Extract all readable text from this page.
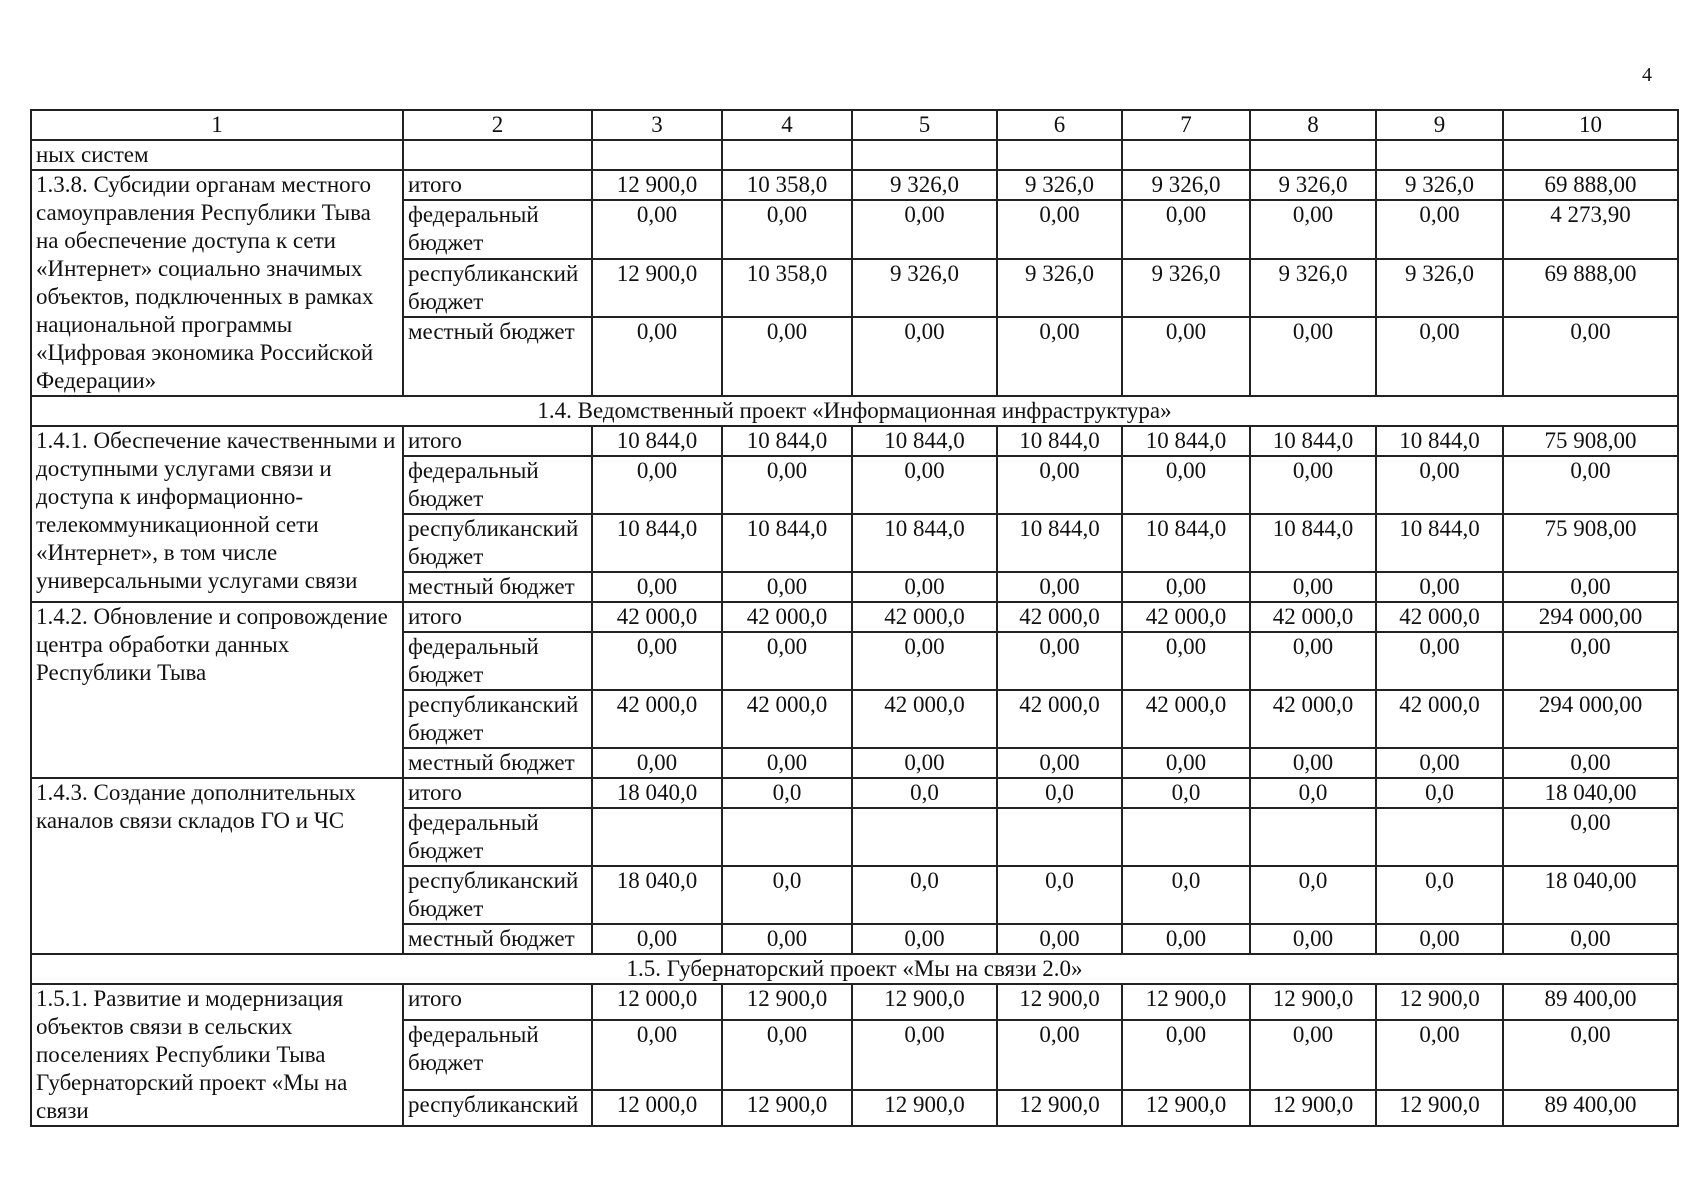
4
1	2	3	4	5	6	7	8	9	10
ных систем									
1.3.8. Субсидии органам местного самоуправления Республики Тыва на обеспечение доступа к сети «Интернет» социально значимых объектов, подключенных в рамках национальной программы «Цифровая экономика Российской Федерации»	итого	12 900,0	10 358,0	9 326,0	9 326,0	9 326,0	9 326,0	9 326,0	69 888,00
	федеральный бюджет	0,00	0,00	0,00	0,00	0,00	0,00	0,00	4 273,90
	республиканский бюджет	12 900,0	10 358,0	9 326,0	9 326,0	9 326,0	9 326,0	9 326,0	69 888,00
	местный бюджет	0,00	0,00	0,00	0,00	0,00	0,00	0,00	0,00
1.4. Ведомственный проект «Информационная инфраструктура»									
1.4.1. Обеспечение качественными и доступными услугами связи и доступа к информационно-телекоммуникационной сети «Интернет», в том числе универсальными услугами связи	итого	10 844,0	10 844,0	10 844,0	10 844,0	10 844,0	10 844,0	10 844,0	75 908,00
	федеральный бюджет	0,00	0,00	0,00	0,00	0,00	0,00	0,00	0,00
	республиканский бюджет	10 844,0	10 844,0	10 844,0	10 844,0	10 844,0	10 844,0	10 844,0	75 908,00
	местный бюджет	0,00	0,00	0,00	0,00	0,00	0,00	0,00	0,00
1.4.2. Обновление и сопровождение центра обработки данных Республики Тыва	итого	42 000,0	42 000,0	42 000,0	42 000,0	42 000,0	42 000,0	42 000,0	294 000,00
	федеральный бюджет	0,00	0,00	0,00	0,00	0,00	0,00	0,00	0,00
	республиканский бюджет	42 000,0	42 000,0	42 000,0	42 000,0	42 000,0	42 000,0	42 000,0	294 000,00
	местный бюджет	0,00	0,00	0,00	0,00	0,00	0,00	0,00	0,00
1.4.3. Создание дополнительных каналов связи складов ГО и ЧС	итого	18 040,0	0,0	0,0	0,0	0,0	0,0	0,0	18 040,00
	федеральный бюджет								0,00
	республиканский бюджет	18 040,0	0,0	0,0	0,0	0,0	0,0	0,0	18 040,00
	местный бюджет	0,00	0,00	0,00	0,00	0,00	0,00	0,00	0,00
1.5. Губернаторский проект «Мы на связи 2.0»									
1.5.1. Развитие и модернизация объектов связи в сельских поселениях Республики Тыва Губернаторский проект «Мы на связи	итого	12 000,0	12 900,0	12 900,0	12 900,0	12 900,0	12 900,0	12 900,0	89 400,00
	федеральный бюджет	0,00	0,00	0,00	0,00	0,00	0,00	0,00	0,00
	республиканский	12 000,0	12 900,0	12 900,0	12 900,0	12 900,0	12 900,0	12 900,0	89 400,00
